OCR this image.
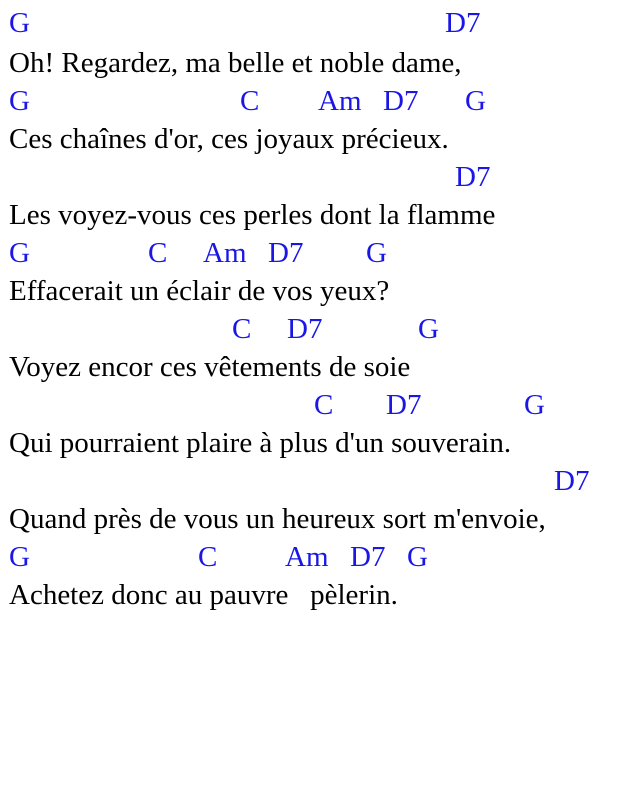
G

	D7

Oh! Regardez, ma belle et noble dame,

G

	C

Am

D7

G

Ces chaînes d'or, ces joyaux précieux.

D7

Les voyez-vous ces perles dont la flamme

G

	C

Am

D7

G

Effacerait un éclair de vos yeux?

C

D7

	G

Voyez encor ces vêtements de soie

C

D7

	G

Qui pourraient plaire à plus d'un souverain.

D7

Quand près de vous un heureux sort m'envoie,

G

	C

Am

D7

G

Achetez donc au pauvre   pèlerin.
